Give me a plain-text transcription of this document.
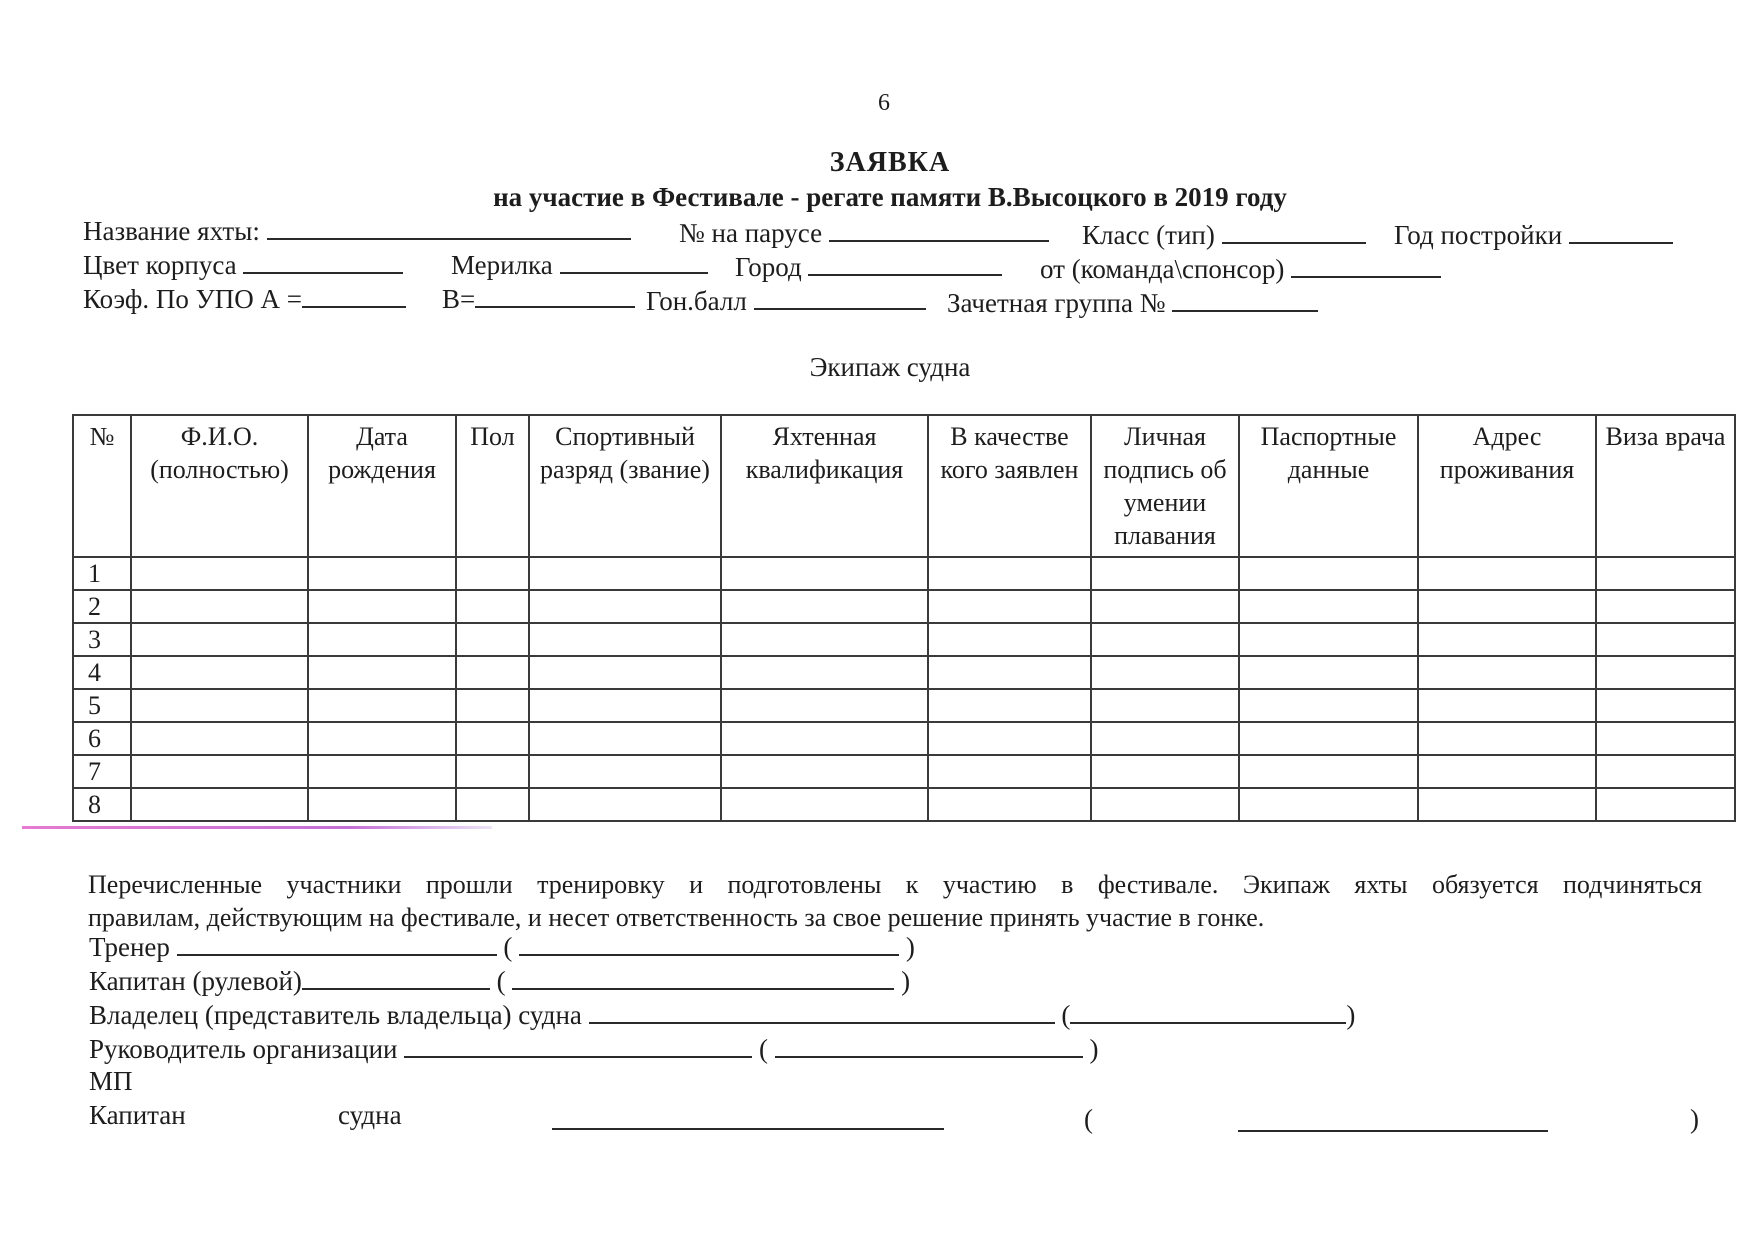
6
ЗАЯВКА
на участие в Фестивале - регате памяти В.Высоцкого в 2019 году
Название яхты:	№ на парусе	Класс (тип)	Год постройки
Цвет корпуса	Мерилка	Город	от (команда\спонсор)
Коэф. По УПО А =	В=	Гон.балл	Зачетная группа №
Экипаж судна
№	Ф.И.О. (полностью)	Дата рождения	Пол	Спортивный разряд (звание)	Яхтенная квалификация	В качестве кого заявлен	Личная подпись об умении плавания	Паспортные данные	Адрес проживания	Виза врача
1										
2										
3										
4										
5										
6										
7										
8										
Перечисленные участники прошли тренировку и подготовлены к участию в фестивале. Экипаж яхты обязуется подчиняться
правилам, действующим на фестивале, и несет ответственность за свое решение принять участие в гонке.
Тренер	(	)
Капитан (рулевой)	(	)
Владелец (представитель владельца) судна	(	)
Руководитель организации	(	)
МП
Капитан	судна	(	)
